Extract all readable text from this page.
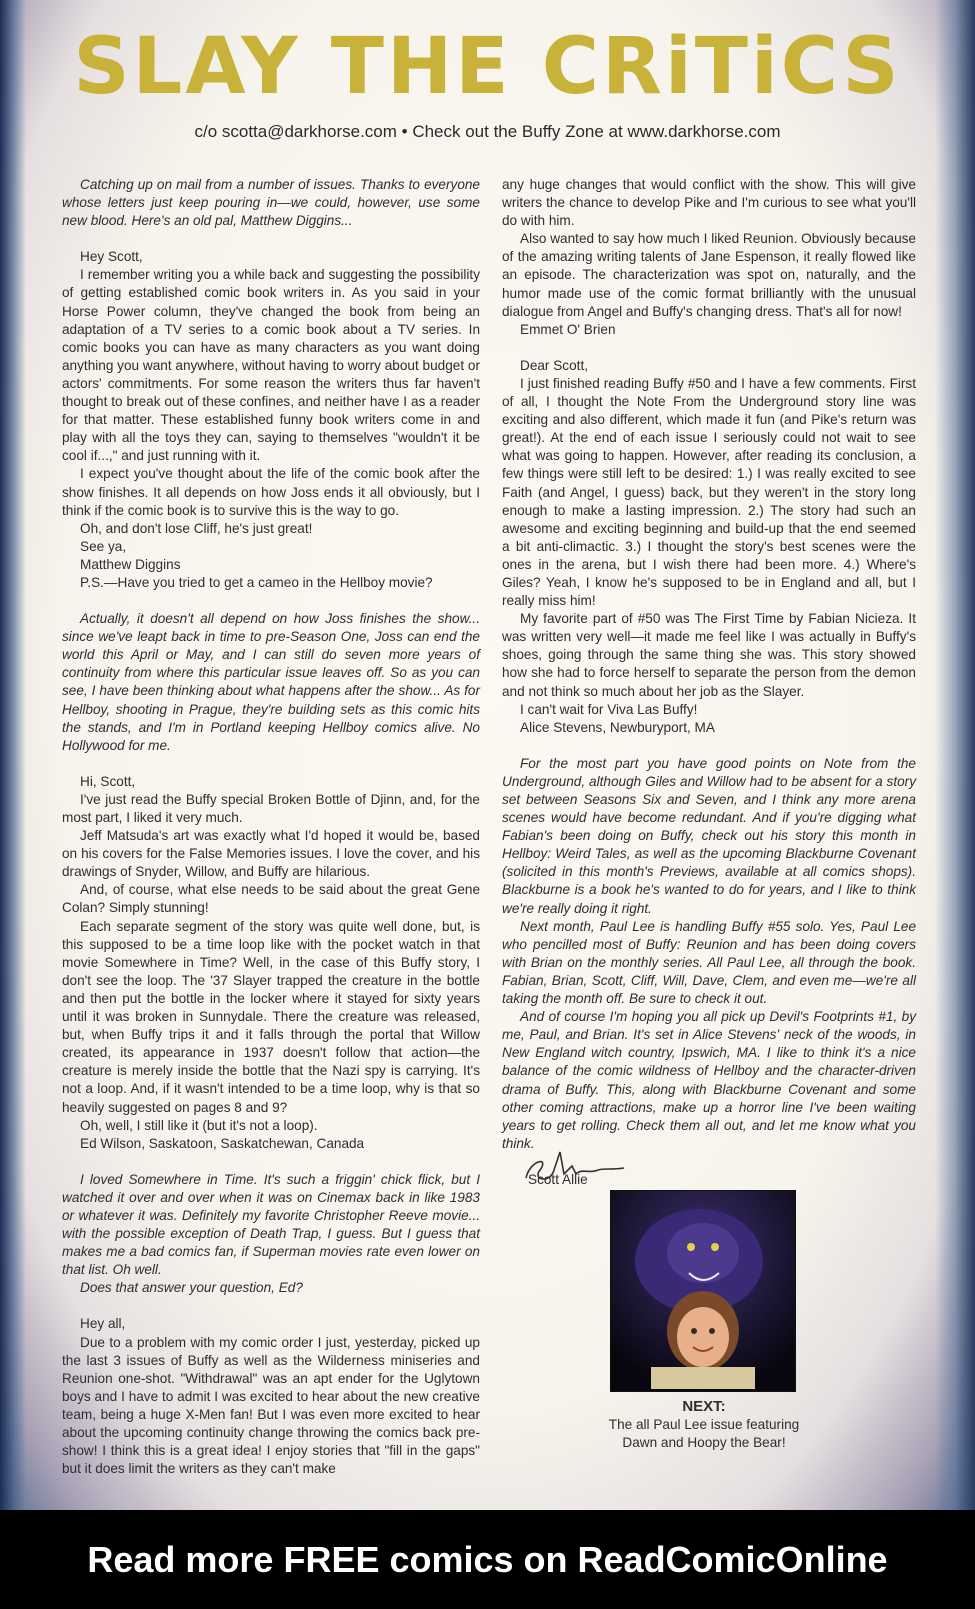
SLAY THE CRiTiCS
c/o scotta@darkhorse.com • Check out the Buffy Zone at www.darkhorse.com

Catching up on mail from a number of issues. Thanks to everyone whose letters just keep pouring in—we could, however, use some new blood. Here's an old pal, Matthew Diggins...

Hey Scott,

I remember writing you a while back and suggesting the possibility of getting established comic book writers in. As you said in your Horse Power column, they've changed the book from being an adaptation of a TV series to a comic book about a TV series. In comic books you can have as many characters as you want doing anything you want anywhere, without having to worry about budget or actors' commitments. For some reason the writers thus far haven't thought to break out of these confines, and neither have I as a reader for that matter. These established funny book writers come in and play with all the toys they can, saying to themselves "wouldn't it be cool if...," and just running with it.

I expect you've thought about the life of the comic book after the show finishes. It all depends on how Joss ends it all obviously, but I think if the comic book is to survive this is the way to go.

Oh, and don't lose Cliff, he's just great!

See ya,

Matthew Diggins

P.S.—Have you tried to get a cameo in the Hellboy movie?

Actually, it doesn't all depend on how Joss finishes the show... since we've leapt back in time to pre-Season One, Joss can end the world this April or May, and I can still do seven more years of continuity from where this particular issue leaves off. So as you can see, I have been thinking about what happens after the show... As for Hellboy, shooting in Prague, they're building sets as this comic hits the stands, and I'm in Portland keeping Hellboy comics alive. No Hollywood for me.

Hi, Scott,

I've just read the Buffy special Broken Bottle of Djinn, and, for the most part, I liked it very much.

Jeff Matsuda's art was exactly what I'd hoped it would be, based on his covers for the False Memories issues. I love the cover, and his drawings of Snyder, Willow, and Buffy are hilarious.

And, of course, what else needs to be said about the great Gene Colan? Simply stunning!

Each separate segment of the story was quite well done, but, is this supposed to be a time loop like with the pocket watch in that movie Somewhere in Time? Well, in the case of this Buffy story, I don't see the loop. The '37 Slayer trapped the creature in the bottle and then put the bottle in the locker where it stayed for sixty years until it was broken in Sunnydale. There the creature was released, but, when Buffy trips it and it falls through the portal that Willow created, its appearance in 1937 doesn't follow that action—the creature is merely inside the bottle that the Nazi spy is carrying. It's not a loop. And, if it wasn't intended to be a time loop, why is that so heavily suggested on pages 8 and 9?

Oh, well, I still like it (but it's not a loop).

Ed Wilson, Saskatoon, Saskatchewan, Canada

I loved Somewhere in Time. It's such a friggin' chick flick, but I watched it over and over when it was on Cinemax back in like 1983 or whatever it was. Definitely my favorite Christopher Reeve movie... with the possible exception of Death Trap, I guess. But I guess that makes me a bad comics fan, if Superman movies rate even lower on that list. Oh well.

Does that answer your question, Ed?

Hey all,

Due to a problem with my comic order I just, yesterday, picked up the last 3 issues of Buffy as well as the Wilderness miniseries and Reunion one-shot. "Withdrawal" was an apt ender for the Uglytown boys and I have to admit I was excited to hear about the new creative team, being a huge X-Men fan! But I was even more excited to hear about the upcoming continuity change throwing the comics back pre-show! I think this is a great idea! I enjoy stories that "fill in the gaps" but it does limit the writers as they can't make

any huge changes that would conflict with the show. This will give writers the chance to develop Pike and I'm curious to see what you'll do with him.

Also wanted to say how much I liked Reunion. Obviously because of the amazing writing talents of Jane Espenson, it really flowed like an episode. The characterization was spot on, naturally, and the humor made use of the comic format brilliantly with the unusual dialogue from Angel and Buffy's changing dress. That's all for now!

Emmet O' Brien

Dear Scott,

I just finished reading Buffy #50 and I have a few comments. First of all, I thought the Note From the Underground story line was exciting and also different, which made it fun (and Pike's return was great!). At the end of each issue I seriously could not wait to see what was going to happen. However, after reading its conclusion, a few things were still left to be desired: 1.) I was really excited to see Faith (and Angel, I guess) back, but they weren't in the story long enough to make a lasting impression. 2.) The story had such an awesome and exciting beginning and build-up that the end seemed a bit anti-climactic. 3.) I thought the story's best scenes were the ones in the arena, but I wish there had been more. 4.) Where's Giles? Yeah, I know he's supposed to be in England and all, but I really miss him!

My favorite part of #50 was The First Time by Fabian Nicieza. It was written very well—it made me feel like I was actually in Buffy's shoes, going through the same thing she was. This story showed how she had to force herself to separate the person from the demon and not think so much about her job as the Slayer.

I can't wait for Viva Las Buffy!

Alice Stevens, Newburyport, MA

For the most part you have good points on Note from the Underground, although Giles and Willow had to be absent for a story set between Seasons Six and Seven, and I think any more arena scenes would have become redundant. And if you're digging what Fabian's been doing on Buffy, check out his story this month in Hellboy: Weird Tales, as well as the upcoming Blackburne Covenant (solicited in this month's Previews, available at all comics shops). Blackburne is a book he's wanted to do for years, and I like to think we're really doing it right.

Next month, Paul Lee is handling Buffy #55 solo. Yes, Paul Lee who pencilled most of Buffy: Reunion and has been doing covers with Brian on the monthly series. All Paul Lee, all through the book. Fabian, Brian, Scott, Cliff, Will, Dave, Clem, and even me—we're all taking the month off. Be sure to check it out.

And of course I'm hoping you all pick up Devil's Footprints #1, by me, Paul, and Brian. It's set in Alice Stevens' neck of the woods, in New England witch country, Ipswich, MA. I like to think it's a nice balance of the comic wildness of Hellboy and the character-driven drama of Buffy. This, along with Blackburne Covenant and some other coming attractions, make up a horror line I've been waiting years to get rolling. Check them all out, and let me know what you think.

Scott Allie
NEXT:
The all Paul Lee issue featuring
Dawn and Hoopy the Bear!
Read more FREE comics on ReadComicOnline
